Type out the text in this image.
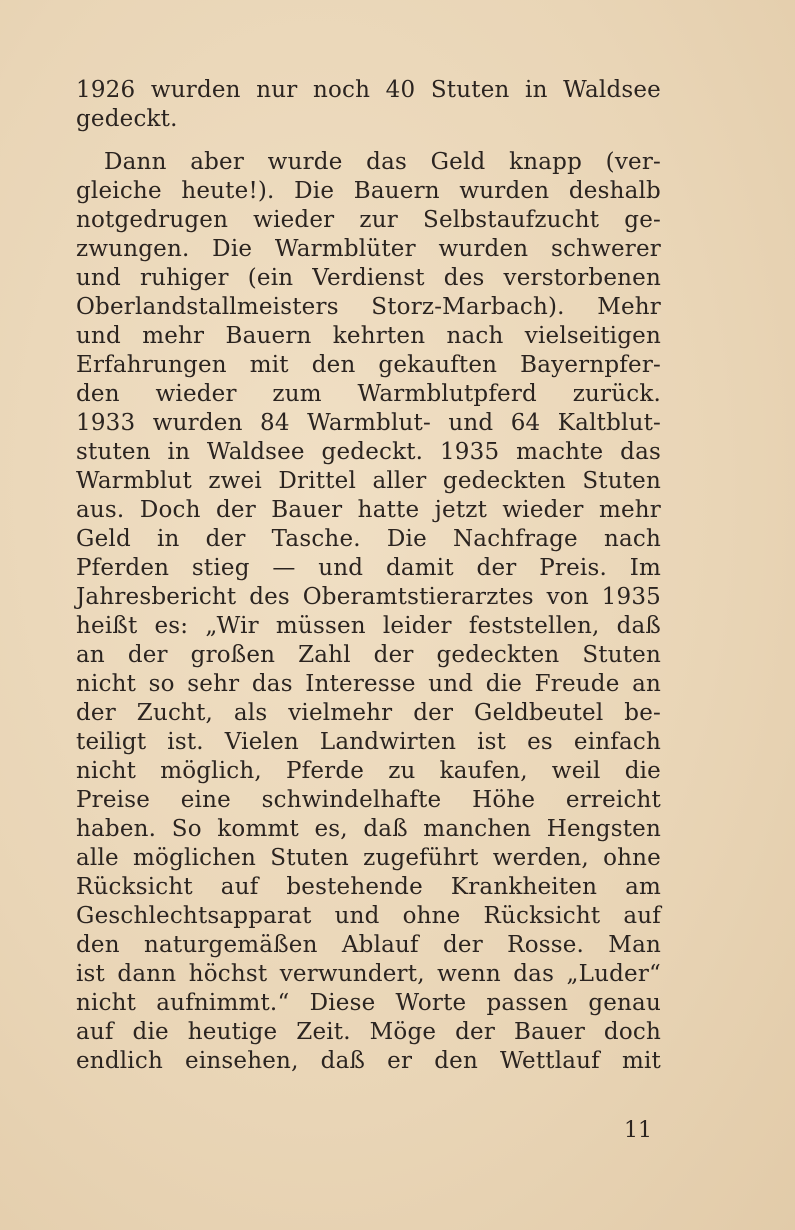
1926 wurden nur noch 40 Stuten in Waldsee
gedeckt.
Dann aber wurde das Geld knapp (ver-
gleiche heute!). Die Bauern wurden deshalb
notgedrugen wieder zur Selbstaufzucht ge-
zwungen. Die Warmblüter wurden schwerer
und ruhiger (ein Verdienst des verstorbenen
Oberlandstallmeisters Storz-Marbach). Mehr
und mehr Bauern kehrten nach vielseitigen
Erfahrungen mit den gekauften Bayernpfer-
den wieder zum Warmblutpferd zurück.
1933 wurden 84 Warmblut- und 64 Kaltblut-
stuten in Waldsee gedeckt. 1935 machte das
Warmblut zwei Drittel aller gedeckten Stuten
aus. Doch der Bauer hatte jetzt wieder mehr
Geld in der Tasche. Die Nachfrage nach
Pferden stieg — und damit der Preis. Im
Jahresbericht des Oberamtstierarztes von 1935
heißt es: „Wir müssen leider feststellen, daß
an der großen Zahl der gedeckten Stuten
nicht so sehr das Interesse und die Freude an
der Zucht, als vielmehr der Geldbeutel be-
teiligt ist. Vielen Landwirten ist es einfach
nicht möglich, Pferde zu kaufen, weil die
Preise eine schwindelhafte Höhe erreicht
haben. So kommt es, daß manchen Hengsten
alle möglichen Stuten zugeführt werden, ohne
Rücksicht auf bestehende Krankheiten am
Geschlechtsapparat und ohne Rücksicht auf
den naturgemäßen Ablauf der Rosse. Man
ist dann höchst verwundert, wenn das „Luder“
nicht aufnimmt.“ Diese Worte passen genau
auf die heutige Zeit. Möge der Bauer doch
endlich einsehen, daß er den Wettlauf mit
11
